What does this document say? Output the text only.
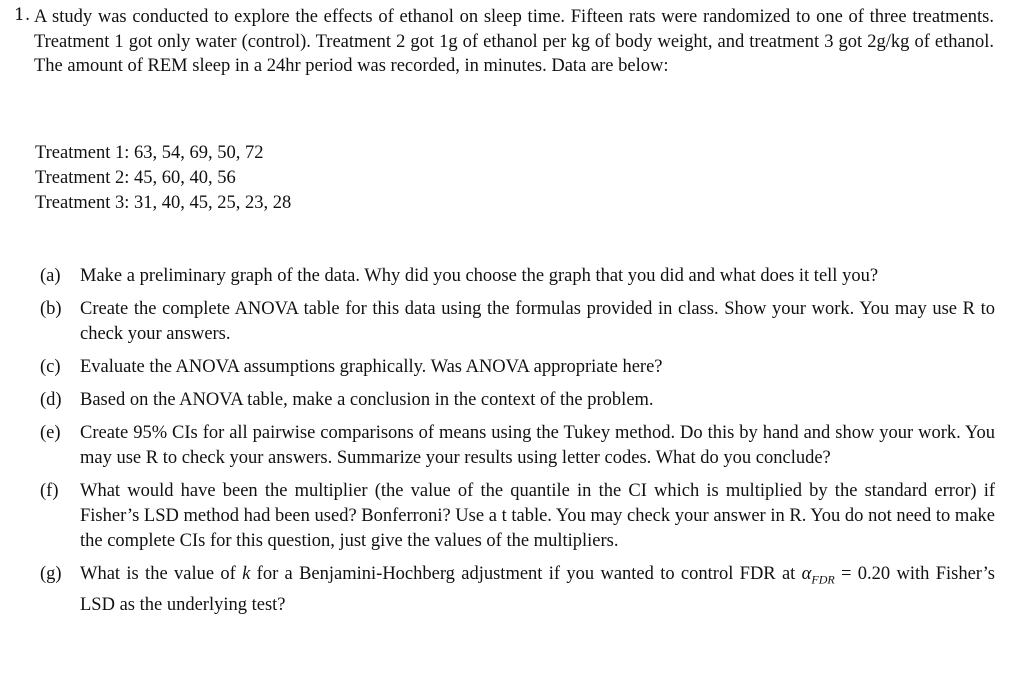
1. A study was conducted to explore the effects of ethanol on sleep time. Fifteen rats were randomized to one of three treatments. Treatment 1 got only water (control). Treatment 2 got 1g of ethanol per kg of body weight, and treatment 3 got 2g/kg of ethanol. The amount of REM sleep in a 24hr period was recorded, in minutes. Data are below:
Treatment 1: 63, 54, 69, 50, 72
Treatment 2: 45, 60, 40, 56
Treatment 3: 31, 40, 45, 25, 23, 28
(a) Make a preliminary graph of the data. Why did you choose the graph that you did and what does it tell you?
(b) Create the complete ANOVA table for this data using the formulas provided in class. Show your work. You may use R to check your answers.
(c) Evaluate the ANOVA assumptions graphically. Was ANOVA appropriate here?
(d) Based on the ANOVA table, make a conclusion in the context of the problem.
(e) Create 95% CIs for all pairwise comparisons of means using the Tukey method. Do this by hand and show your work. You may use R to check your answers. Summarize your results using letter codes. What do you conclude?
(f) What would have been the multiplier (the value of the quantile in the CI which is multiplied by the standard error) if Fisher’s LSD method had been used? Bonferroni? Use a t table. You may check your answer in R. You do not need to make the complete CIs for this question, just give the values of the multipliers.
(g) What is the value of k for a Benjamini-Hochberg adjustment if you wanted to control FDR at $\alpha_{FDR} = 0.20$ with Fisher’s LSD as the underlying test?
